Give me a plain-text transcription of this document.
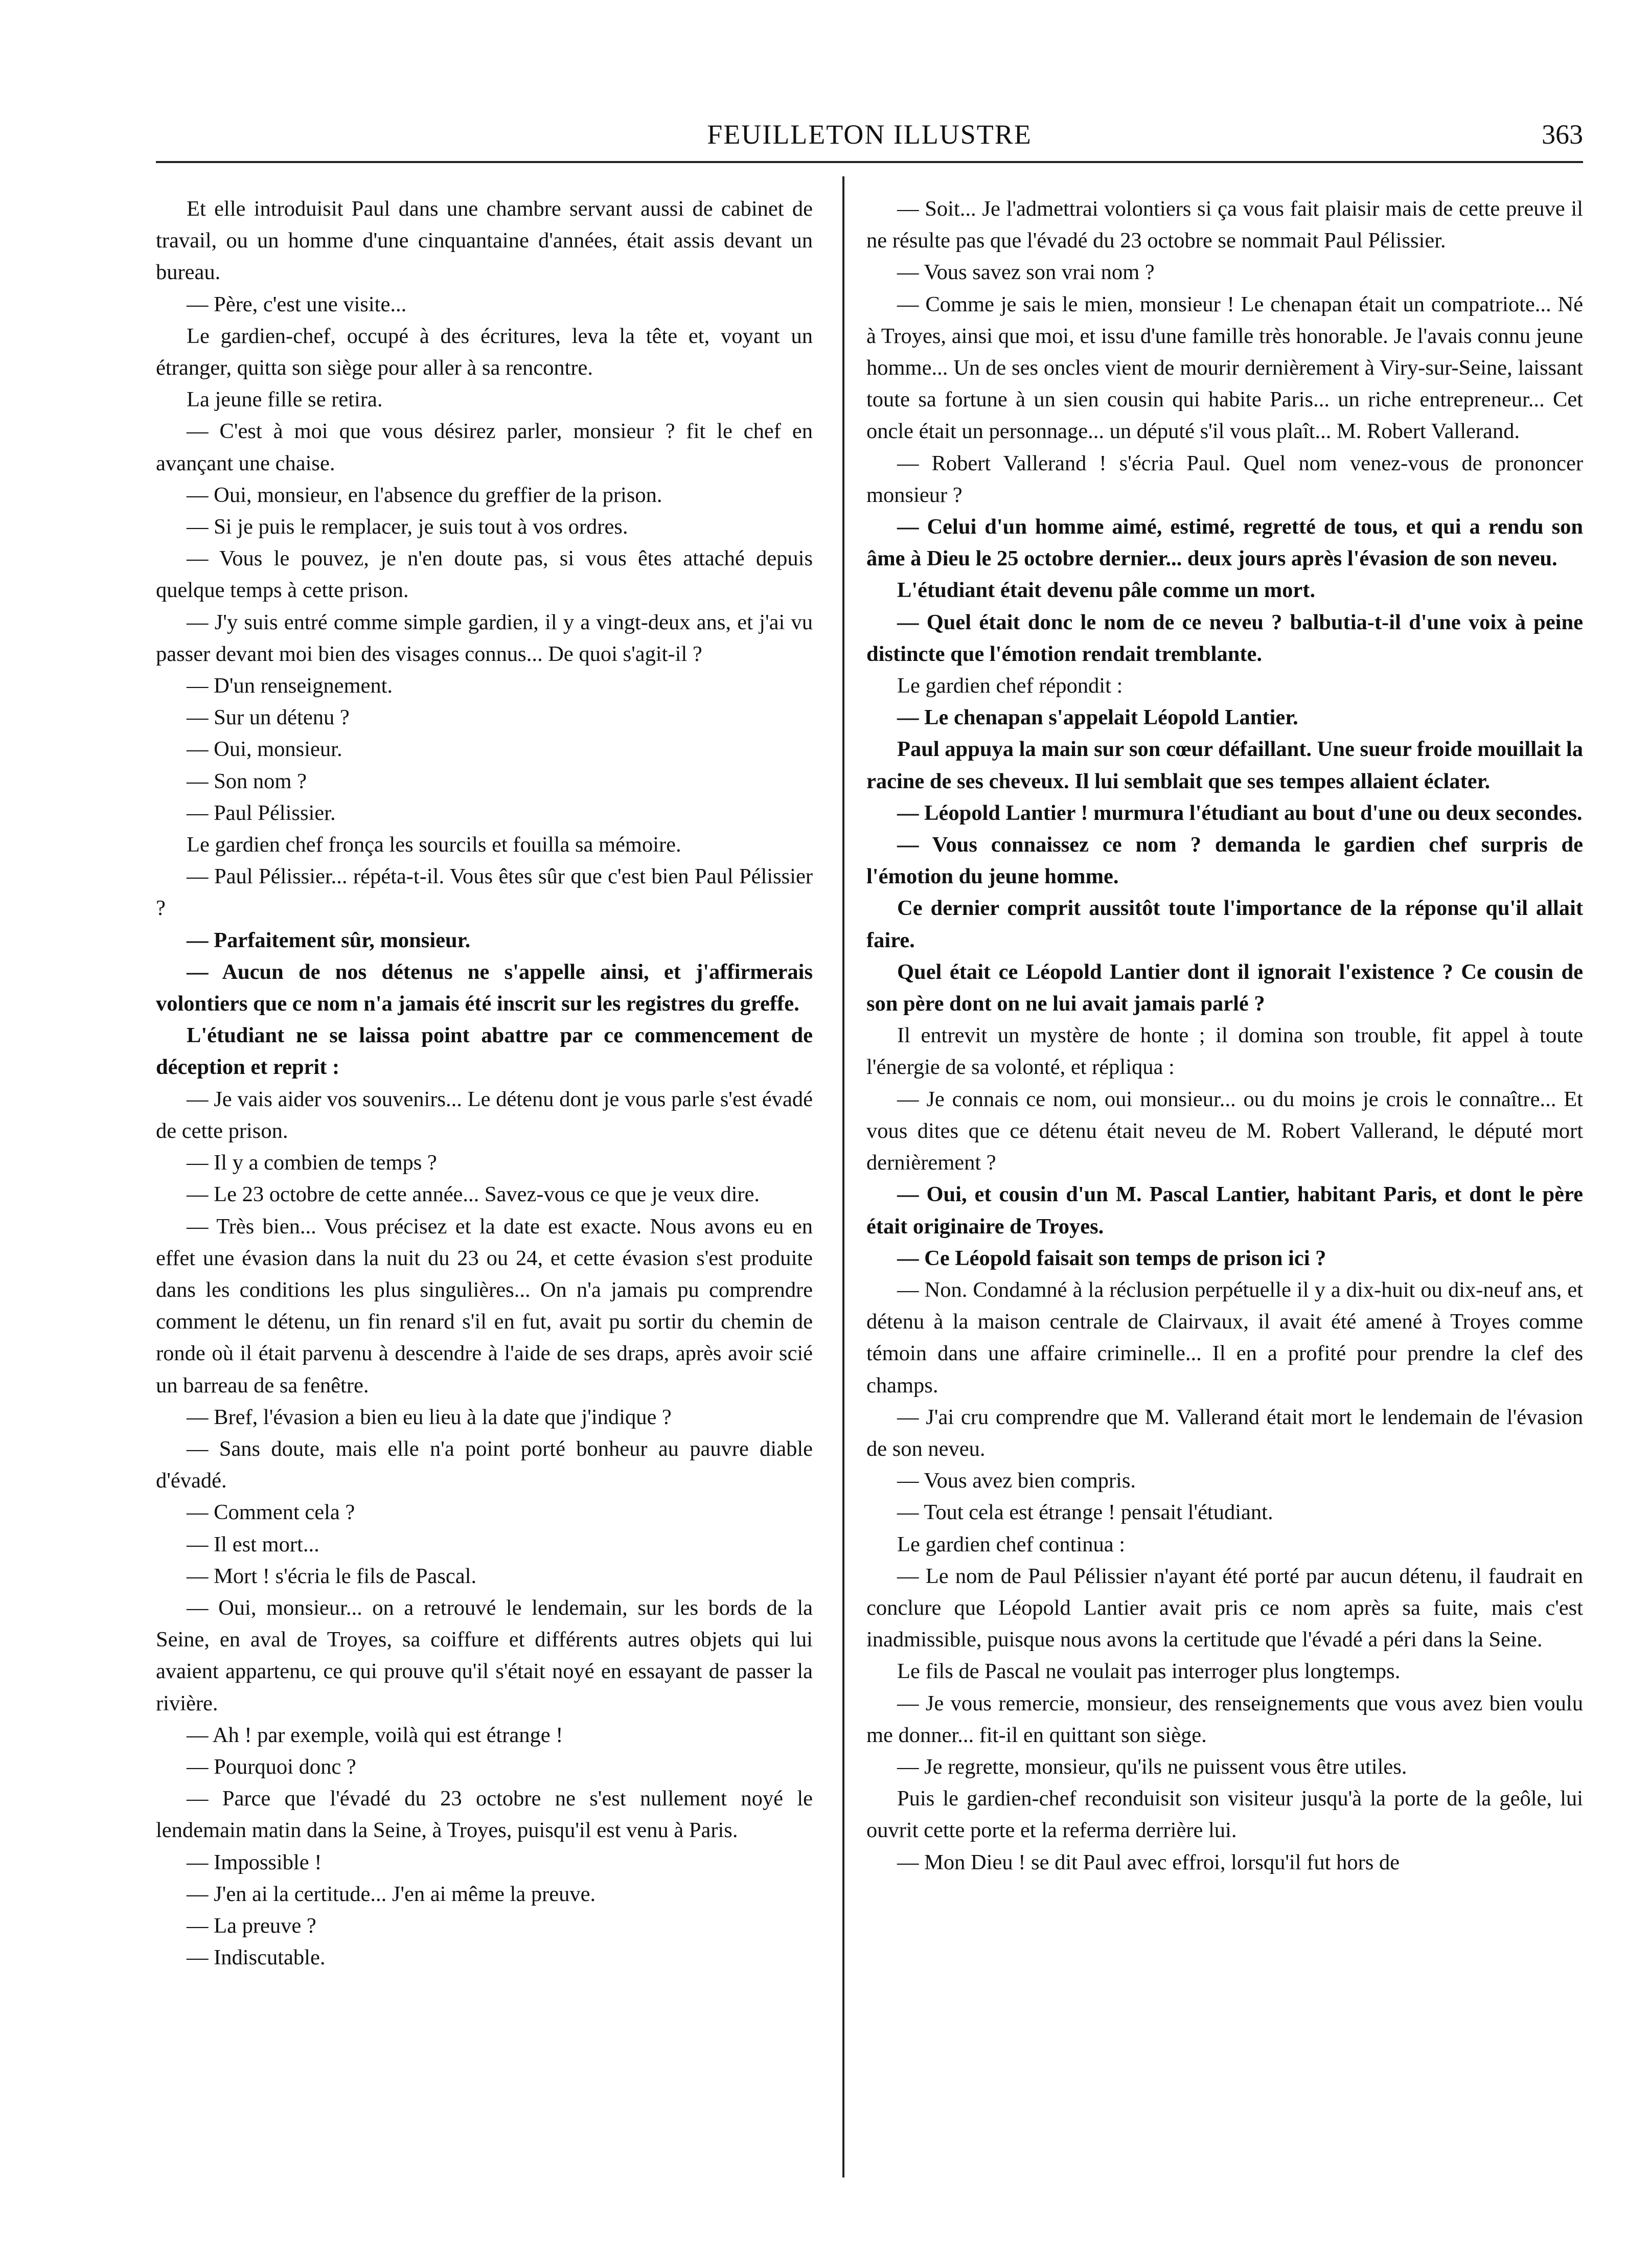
FEUILLETON ILLUSTRE	363

Et elle introduisit Paul dans une chambre servant aussi de cabinet de travail, ou un homme d'une cinquantaine d'années, était assis devant un bureau.

— Père, c'est une visite...

Le gardien-chef, occupé à des écritures, leva la tête et, voyant un étranger, quitta son siège pour aller à sa rencontre.

La jeune fille se retira.

— C'est à moi que vous désirez parler, monsieur ? fit le chef en avançant une chaise.

— Oui, monsieur, en l'absence du greffier de la prison.

— Si je puis le remplacer, je suis tout à vos ordres.

— Vous le pouvez, je n'en doute pas, si vous êtes attaché depuis quelque temps à cette prison.

— J'y suis entré comme simple gardien, il y a vingt-deux ans, et j'ai vu passer devant moi bien des visages connus... De quoi s'agit-il ?

— D'un renseignement.

— Sur un détenu ?

— Oui, monsieur.

— Son nom ?

— Paul Pélissier.

Le gardien chef fronça les sourcils et fouilla sa mémoire.

— Paul Pélissier... répéta-t-il. Vous êtes sûr que c'est bien Paul Pélissier ?

— Parfaitement sûr, monsieur.

— Aucun de nos détenus ne s'appelle ainsi, et j'affirmerais volontiers que ce nom n'a jamais été inscrit sur les registres du greffe.

L'étudiant ne se laissa point abattre par ce commencement de déception et reprit :

— Je vais aider vos souvenirs... Le détenu dont je vous parle s'est évadé de cette prison.

— Il y a combien de temps ?

— Le 23 octobre de cette année... Savez-vous ce que je veux dire.

— Très bien... Vous précisez et la date est exacte. Nous avons eu en effet une évasion dans la nuit du 23 ou 24, et cette évasion s'est produite dans les conditions les plus singulières... On n'a jamais pu comprendre comment le détenu, un fin renard s'il en fut, avait pu sortir du chemin de ronde où il était parvenu à descendre à l'aide de ses draps, après avoir scié un barreau de sa fenêtre.

— Bref, l'évasion a bien eu lieu à la date que j'indique ?

— Sans doute, mais elle n'a point porté bonheur au pauvre diable d'évadé.

— Comment cela ?

— Il est mort...

— Mort ! s'écria le fils de Pascal.

— Oui, monsieur... on a retrouvé le lendemain, sur les bords de la Seine, en aval de Troyes, sa coiffure et différents autres objets qui lui avaient appartenu, ce qui prouve qu'il s'était noyé en essayant de passer la rivière.

— Ah ! par exemple, voilà qui est étrange !

— Pourquoi donc ?

— Parce que l'évadé du 23 octobre ne s'est nullement noyé le lendemain matin dans la Seine, à Troyes, puisqu'il est venu à Paris.

— Impossible !

— J'en ai la certitude... J'en ai même la preuve.

— La preuve ?

— Indiscutable.

— Soit... Je l'admettrai volontiers si ça vous fait plaisir mais de cette preuve il ne résulte pas que l'évadé du 23 octobre se nommait Paul Pélissier.

— Vous savez son vrai nom ?

— Comme je sais le mien, monsieur ! Le chenapan était un compatriote... Né à Troyes, ainsi que moi, et issu d'une famille très honorable. Je l'avais connu jeune homme... Un de ses oncles vient de mourir dernièrement à Viry-sur-Seine, laissant toute sa fortune à un sien cousin qui habite Paris... un riche entrepreneur... Cet oncle était un personnage... un député s'il vous plaît... M. Robert Vallerand.

— Robert Vallerand ! s'écria Paul. Quel nom venez-vous de prononcer monsieur ?

— Celui d'un homme aimé, estimé, regretté de tous, et qui a rendu son âme à Dieu le 25 octobre dernier... deux jours après l'évasion de son neveu.

L'étudiant était devenu pâle comme un mort.

— Quel était donc le nom de ce neveu ? balbutia-t-il d'une voix à peine distincte que l'émotion rendait tremblante.

Le gardien chef répondit :

— Le chenapan s'appelait Léopold Lantier.

Paul appuya la main sur son cœur défaillant. Une sueur froide mouillait la racine de ses cheveux. Il lui semblait que ses tempes allaient éclater.

— Léopold Lantier ! murmura l'étudiant au bout d'une ou deux secondes.

— Vous connaissez ce nom ? demanda le gardien chef surpris de l'émotion du jeune homme.

Ce dernier comprit aussitôt toute l'importance de la réponse qu'il allait faire.

Quel était ce Léopold Lantier dont il ignorait l'existence ? Ce cousin de son père dont on ne lui avait jamais parlé ?

Il entrevit un mystère de honte ; il domina son trouble, fit appel à toute l'énergie de sa volonté, et répliqua :

— Je connais ce nom, oui monsieur... ou du moins je crois le connaître... Et vous dites que ce détenu était neveu de M. Robert Vallerand, le député mort dernièrement ?

— Oui, et cousin d'un M. Pascal Lantier, habitant Paris, et dont le père était originaire de Troyes.

— Ce Léopold faisait son temps de prison ici ?

— Non. Condamné à la réclusion perpétuelle il y a dix-huit ou dix-neuf ans, et détenu à la maison centrale de Clairvaux, il avait été amené à Troyes comme témoin dans une affaire criminelle... Il en a profité pour prendre la clef des champs.

— J'ai cru comprendre que M. Vallerand était mort le lendemain de l'évasion de son neveu.

— Vous avez bien compris.

— Tout cela est étrange ! pensait l'étudiant.

Le gardien chef continua :

— Le nom de Paul Pélissier n'ayant été porté par aucun détenu, il faudrait en conclure que Léopold Lantier avait pris ce nom après sa fuite, mais c'est inadmissible, puisque nous avons la certitude que l'évadé a péri dans la Seine.

Le fils de Pascal ne voulait pas interroger plus longtemps.

— Je vous remercie, monsieur, des renseignements que vous avez bien voulu me donner... fit-il en quittant son siège.

— Je regrette, monsieur, qu'ils ne puissent vous être utiles.

Puis le gardien-chef reconduisit son visiteur jusqu'à la porte de la geôle, lui ouvrit cette porte et la referma derrière lui.

— Mon Dieu ! se dit Paul avec effroi, lorsqu'il fut hors de
